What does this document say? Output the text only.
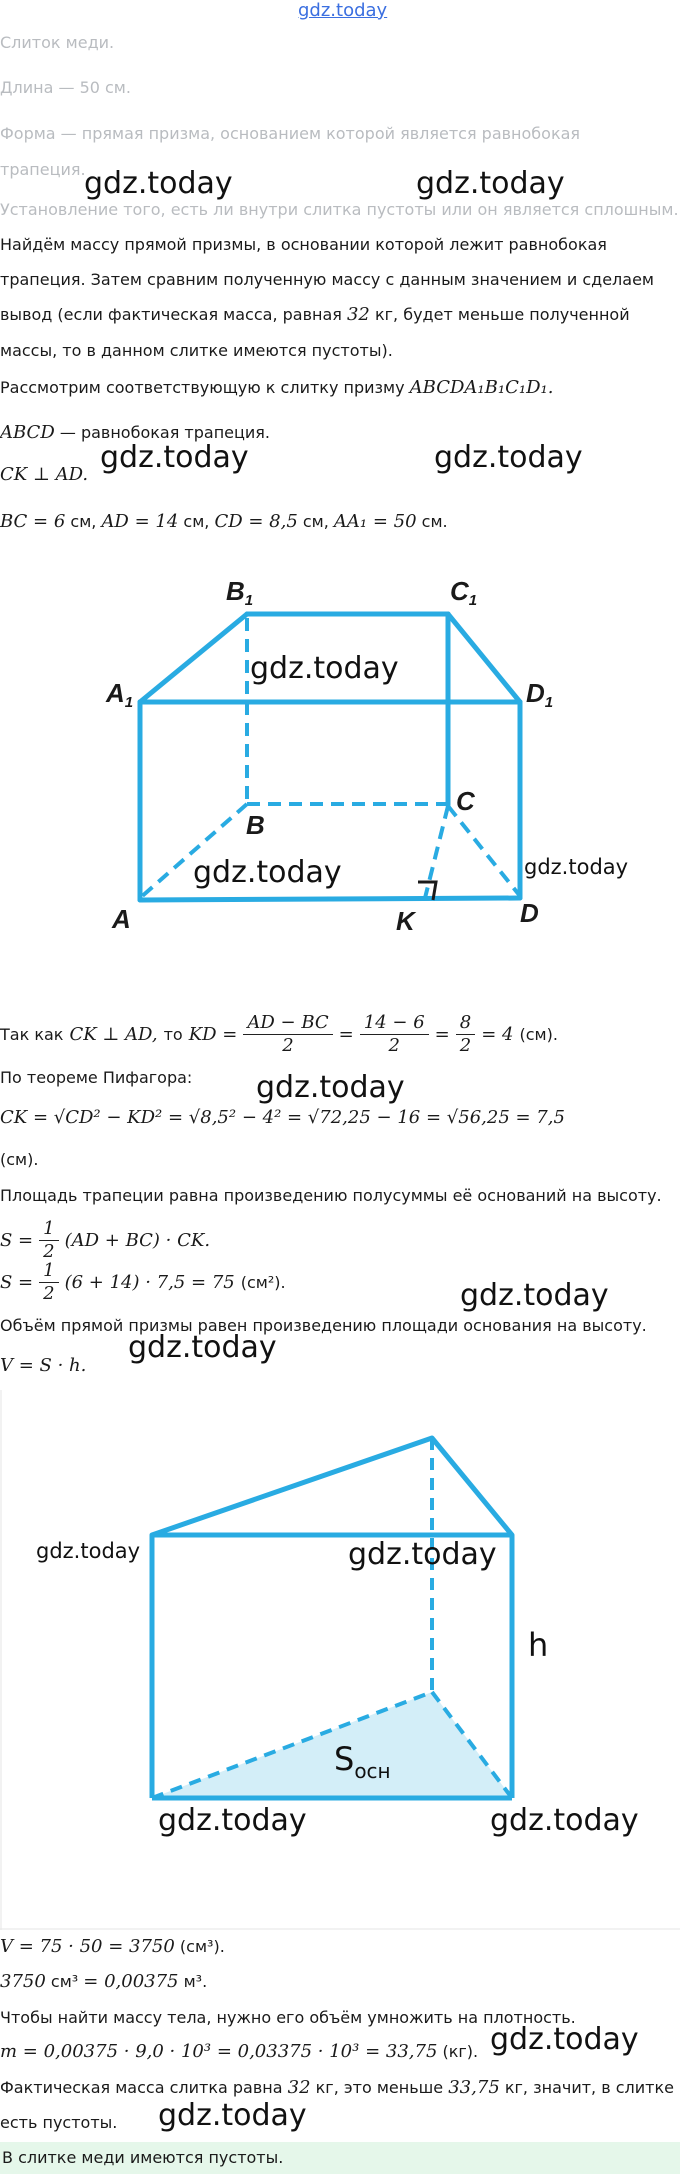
gdz.today
Слиток меди.
Длина — 50 см.
Форма — прямая призма, основанием которой является равнобокая
трапеция.
Установление того, есть ли внутри слитка пустоты или он является сплошным.
gdz.today	gdz.today
Найдём массу прямой призмы, в основании которой лежит равнобокая
трапеция. Затем сравним полученную массу с данным значением и сделаем
вывод (если фактическая масса, равная 32 кг, будет меньше полученной
массы, то в данном слитке имеются пустоты).
Рассмотрим соответствующую к слитку призму ABCDA₁B₁C₁D₁.
ABCD — равнобокая трапеция.
CK ⊥ AD. gdz.today	gdz.today
BC = 6 см, AD = 14 см, CD = 8,5 см, AA₁ = 50 см.
B1	C1
A1	D1
B
C
A	D
K
gdz.today
gdz.today	gdz.today
Так как CK ⊥ AD, то KD = $\frac{AD - BC}{2} = \frac{14 - 6}{2} = \frac{8}{2} = 4$ (см).
По теореме Пифагора: gdz.today
CK = √CD² − KD² = √8,5² − 4² = √72,25 − 16 = √56,25 = 7,5
(см).
Площадь трапеции равна произведению полусуммы её оснований на высоту.
$S = \frac{1}{2} (AD + BC)$ · CK.
$S = \frac{1}{2} (6 + 14) \cdot 7,5 = 75$ (см²).	gdz.today
Объём прямой призмы равен произведению площади основания на высоту.
V = S · h.
gdz.today
h
$S_{осн}$
gdz.today	gdz.today
gdz.today	gdz.today
V = 75 · 50 = 3750 (см³).
3750 см³ = 0,00375 м³.
Чтобы найти массу тела, нужно его объём умножить на плотность.
m = 0,00375 · 9,0 · 10³ = 0,03375 · 10³ = 33,75 (кг). gdz.today
Фактическая масса слитка равна 32 кг, это меньше 33,75 кг, значит, в слитке
есть пустоты. gdz.today
В слитке меди имеются пустоты.
